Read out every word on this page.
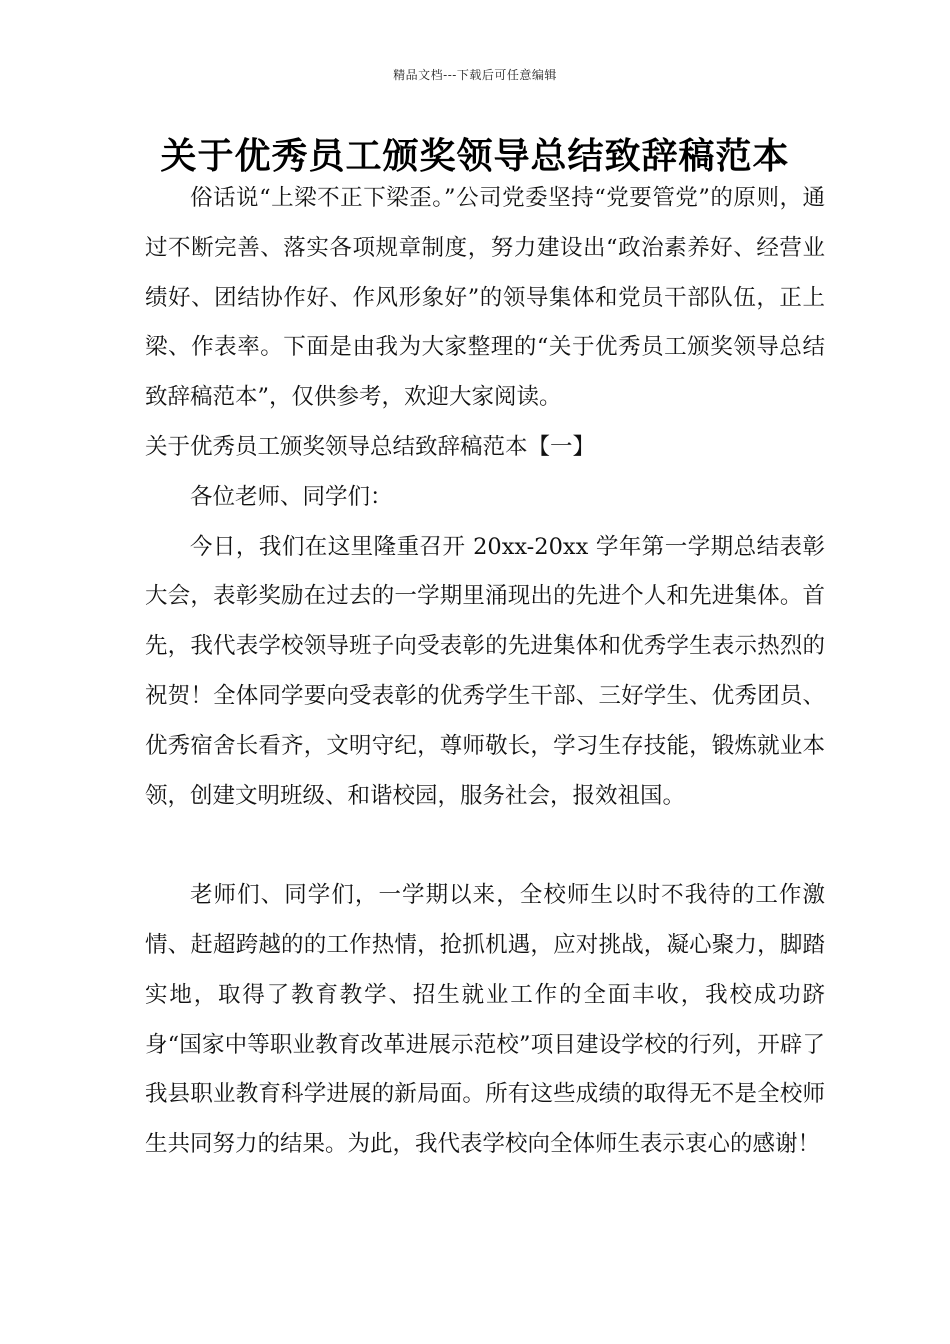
精品文档---下载后可任意编辑
关于优秀员工颁奖领导总结致辞稿范本

俗话说“上梁不正下梁歪。”公司党委坚持“党要管党”的原则，通过不断完善、落实各项规章制度，努力建设出“政治素养好、经营业绩好、团结协作好、作风形象好”的领导集体和党员干部队伍，正上梁、作表率。下面是由我为大家整理的“关于优秀员工颁奖领导总结致辞稿范本”，仅供参考，欢迎大家阅读。

关于优秀员工颁奖领导总结致辞稿范本【一】

各位老师、同学们：

今日，我们在这里隆重召开 20xx-20xx 学年第一学期总结表彰大会，表彰奖励在过去的一学期里涌现出的先进个人和先进集体。首先，我代表学校领导班子向受表彰的先进集体和优秀学生表示热烈的祝贺！全体同学要向受表彰的优秀学生干部、三好学生、优秀团员、优秀宿舍长看齐，文明守纪，尊师敬长，学习生存技能，锻炼就业本领，创建文明班级、和谐校园，服务社会，报效祖国。

老师们、同学们，一学期以来，全校师生以时不我待的工作激情、赶超跨越的的工作热情，抢抓机遇，应对挑战，凝心聚力，脚踏实地，取得了教育教学、招生就业工作的全面丰收，我校成功跻身“国家中等职业教育改革进展示范校”项目建设学校的行列，开辟了我县职业教育科学进展的新局面。所有这些成绩的取得无不是全校师生共同努力的结果。为此，我代表学校向全体师生表示衷心的感谢！
